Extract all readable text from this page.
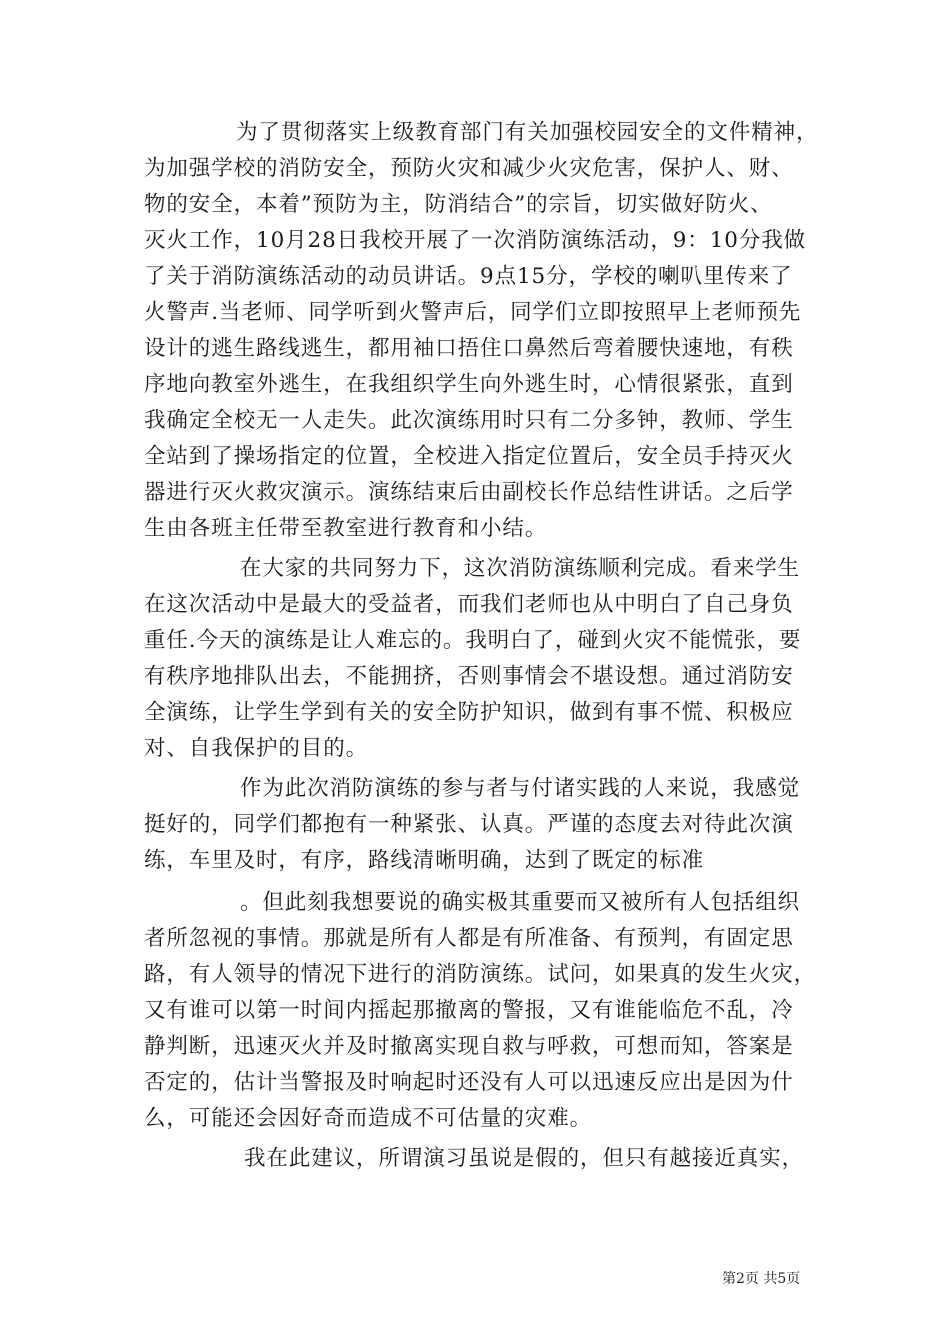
为了贯彻落实上级教育部门有关加强校园安全的文件精神，
为加强学校的消防安全，预防火灾和减少火灾危害，保护人、财、
物的安全，本着”预防为主，防消结合”的宗旨，切实做好防火、
灭火工作，10月28日我校开展了一次消防演练活动，9：10分我做
了关于消防演练活动的动员讲话。9点15分，学校的喇叭里传来了
火警声.当老师、同学听到火警声后，同学们立即按照早上老师预先
设计的逃生路线逃生，都用袖口捂住口鼻然后弯着腰快速地，有秩
序地向教室外逃生，在我组织学生向外逃生时，心情很紧张，直到
我确定全校无一人走失。此次演练用时只有二分多钟，教师、学生
全站到了操场指定的位置，全校进入指定位置后，安全员手持灭火
器进行灭火救灾演示。演练结束后由副校长作总结性讲话。之后学
生由各班主任带至教室进行教育和小结。
在大家的共同努力下，这次消防演练顺利完成。看来学生
在这次活动中是最大的受益者，而我们老师也从中明白了自己身负
重任.今天的演练是让人难忘的。我明白了，碰到火灾不能慌张，要
有秩序地排队出去，不能拥挤，否则事情会不堪设想。通过消防安
全演练，让学生学到有关的安全防护知识，做到有事不慌、积极应
对、自我保护的目的。
作为此次消防演练的参与者与付诸实践的人来说，我感觉
挺好的，同学们都抱有一种紧张、认真。严谨的态度去对待此次演
练，车里及时，有序，路线清晰明确，达到了既定的标准
。但此刻我想要说的确实极其重要而又被所有人包括组织
者所忽视的事情。那就是所有人都是有所准备、有预判，有固定思
路，有人领导的情况下进行的消防演练。试问，如果真的发生火灾，
又有谁可以第一时间内摇起那撤离的警报，又有谁能临危不乱，冷
静判断，迅速灭火并及时撤离实现自救与呼救，可想而知，答案是
否定的，估计当警报及时响起时还没有人可以迅速反应出是因为什
么，可能还会因好奇而造成不可估量的灾难。
我在此建议，所谓演习虽说是假的，但只有越接近真实，
第2页 共5页
